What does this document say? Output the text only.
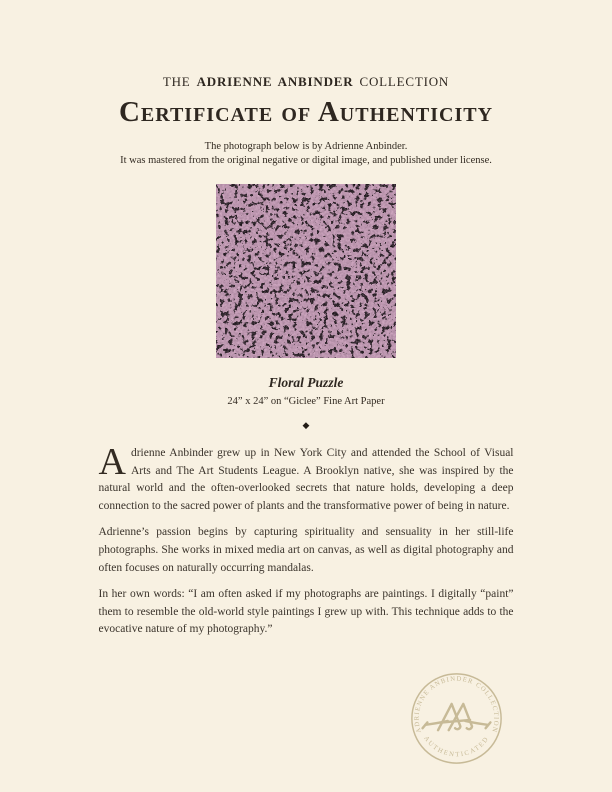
THE ADRIENNE ANBINDER COLLECTION
Certificate of Authenticity

The photograph below is by Adrienne Anbinder.

It was mastered from the original negative or digital image, and published under license.

Floral Puzzle
24” x 24” on “Giclee” Fine Art Paper
◆

Adrienne Anbinder grew up in New York City and attended the School of Visual Arts and The Art Students League. A Brooklyn native, she was inspired by the natural world and the often-overlooked secrets that nature holds, developing a deep connection to the sacred power of plants and the transformative power of being in nature.

Adrienne’s passion begins by capturing spirituality and sensuality in her still-life photographs. She works in mixed media art on canvas, as well as digital photography and often focuses on naturally occurring mandalas.

In her own words: “I am often asked if my photographs are paintings. I digitally “paint” them to resemble the old-world style paintings I grew up with. This technique adds to the evocative nature of my photography.”

ADRIENNE ANBINDER COLLECTION
AUTHENTICATED
